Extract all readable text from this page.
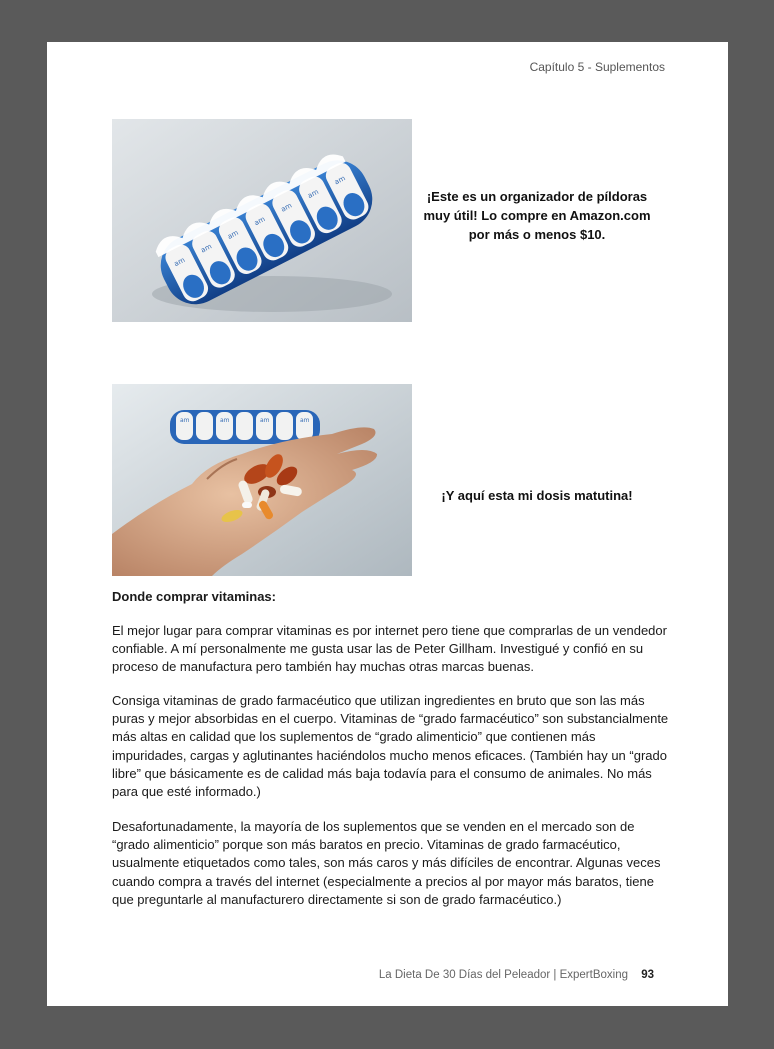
Capítulo 5 - Suplementos
am
am
am
am
am
am
am
¡Este es un organizador de píldoras muy útil! Lo compre en Amazon.com por más o menos $10.
am	am	am	am
¡Y aquí esta mi dosis matutina!
Donde comprar vitaminas:

El mejor lugar para comprar vitaminas es por internet pero tiene que comprarlas de un vendedor confiable. A mí personalmente me gusta usar las de Peter Gillham. Investigué y confió en su proceso de manufactura pero también hay muchas otras marcas buenas.

Consiga vitaminas de grado farmacéutico que utilizan ingredientes en bruto que son las más puras y mejor absorbidas en el cuerpo. Vitaminas de “grado farmacéutico” son substancialmente más altas en calidad que los suplementos de “grado alimenticio” que contienen más impuridades, cargas y aglutinantes haciéndolos mucho menos eficaces. (También hay un “grado libre” que básicamente es de calidad más baja todavía para el consumo de animales. No más para que esté informado.)

Desafortunadamente, la mayoría de los suplementos que se venden en el mercado son de “grado alimenticio” porque son más baratos en precio. Vitaminas de grado farmacéutico, usualmente etiquetados como tales, son más caros y más difíciles de encontrar. Algunas veces cuando compra a través del internet (especialmente a precios al por mayor más baratos, tiene que preguntarle al manufacturero directamente si son de grado farmacéutico.)

La Dieta De 30 Días del Peleador | ExpertBoxing 93
